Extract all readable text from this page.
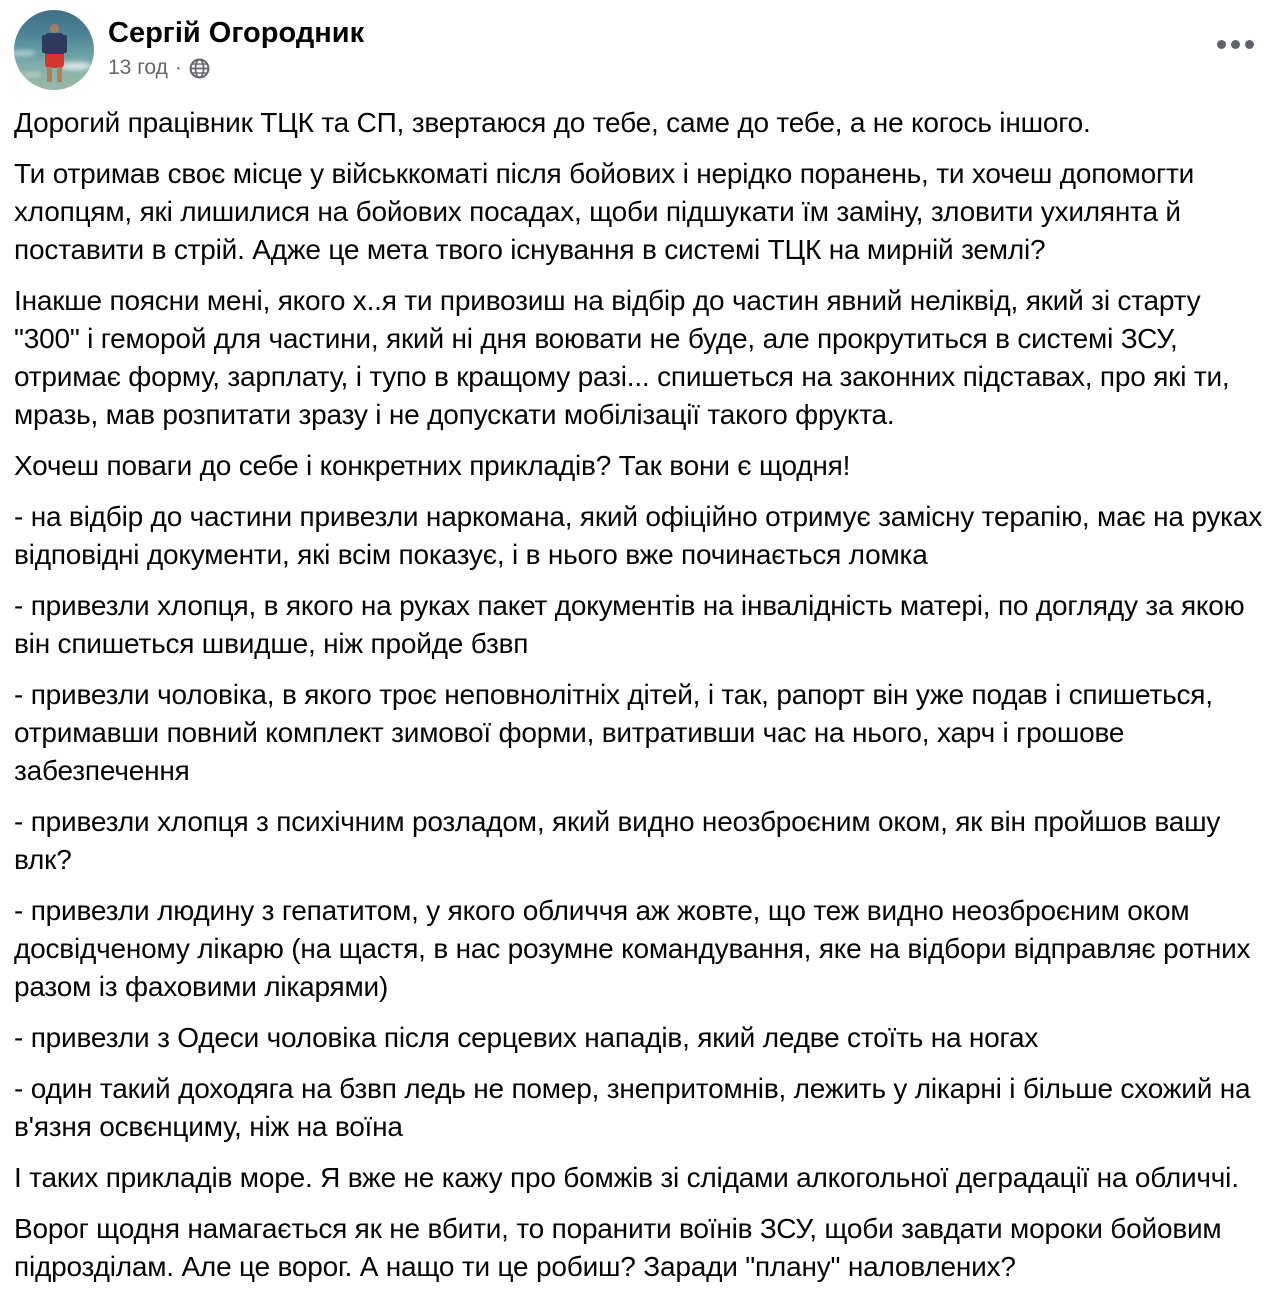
Сергій Огородник
13 год ·

Дорогий працівник ТЦК та СП, звертаюся до тебе, саме до тебе, а не когось іншого.

Ти отримав своє місце у військкоматі після бойових і нерідко поранень, ти хочеш допомогти хлопцям, які лишилися на бойових посадах, щоби підшукати їм заміну, зловити ухилянта й поставити в стрій. Адже це мета твого існування в системі ТЦК на мирній землі?

Інакше поясни мені, якого х..я ти привозиш на відбір до частин явний неліквід, який зі старту "300" і геморой для частини, який ні дня воювати не буде, але прокрутиться в системі ЗСУ, отримає форму, зарплату, і тупо в кращому разі... спишеться на законних підставах, про які ти, мразь, мав розпитати зразу і не допускати мобілізації такого фрукта.

Хочеш поваги до себе і конкретних прикладів? Так вони є щодня!

- на відбір до частини привезли наркомана, який офіційно отримує замісну терапію, має на руках відповідні документи, які всім показує, і в нього вже починається ломка

- привезли хлопця, в якого на руках пакет документів на інвалідність матері, по догляду за якою він спишеться швидше, ніж пройде бзвп

- привезли чоловіка, в якого троє неповнолітніх дітей, і так, рапорт він уже подав і спишеться, отримавши повний комплект зимової форми, витративши час на нього, харч і грошове забезпечення

- привезли хлопця з психічним розладом, який видно неозброєним оком, як він пройшов вашу влк?

- привезли людину з гепатитом, у якого обличчя аж жовте, що теж видно неозброєним оком досвідченому лікарю (на щастя, в нас розумне командування, яке на відбори відправляє ротних разом із фаховими лікарями)

- привезли з Одеси чоловіка після серцевих нападів, який ледве стоїть на ногах

- один такий доходяга на бзвп ледь не помер, знепритомнів, лежить у лікарні і більше схожий на в'язня освєнциму, ніж на воїна

І таких прикладів море. Я вже не кажу про бомжів зі слідами алкогольної деградації на обличчі.

Ворог щодня намагається як не вбити, то поранити воїнів ЗСУ, щоби завдати мороки бойовим підрозділам. Але це ворог. А нащо ти це робиш? Заради "плану" наловлених?
